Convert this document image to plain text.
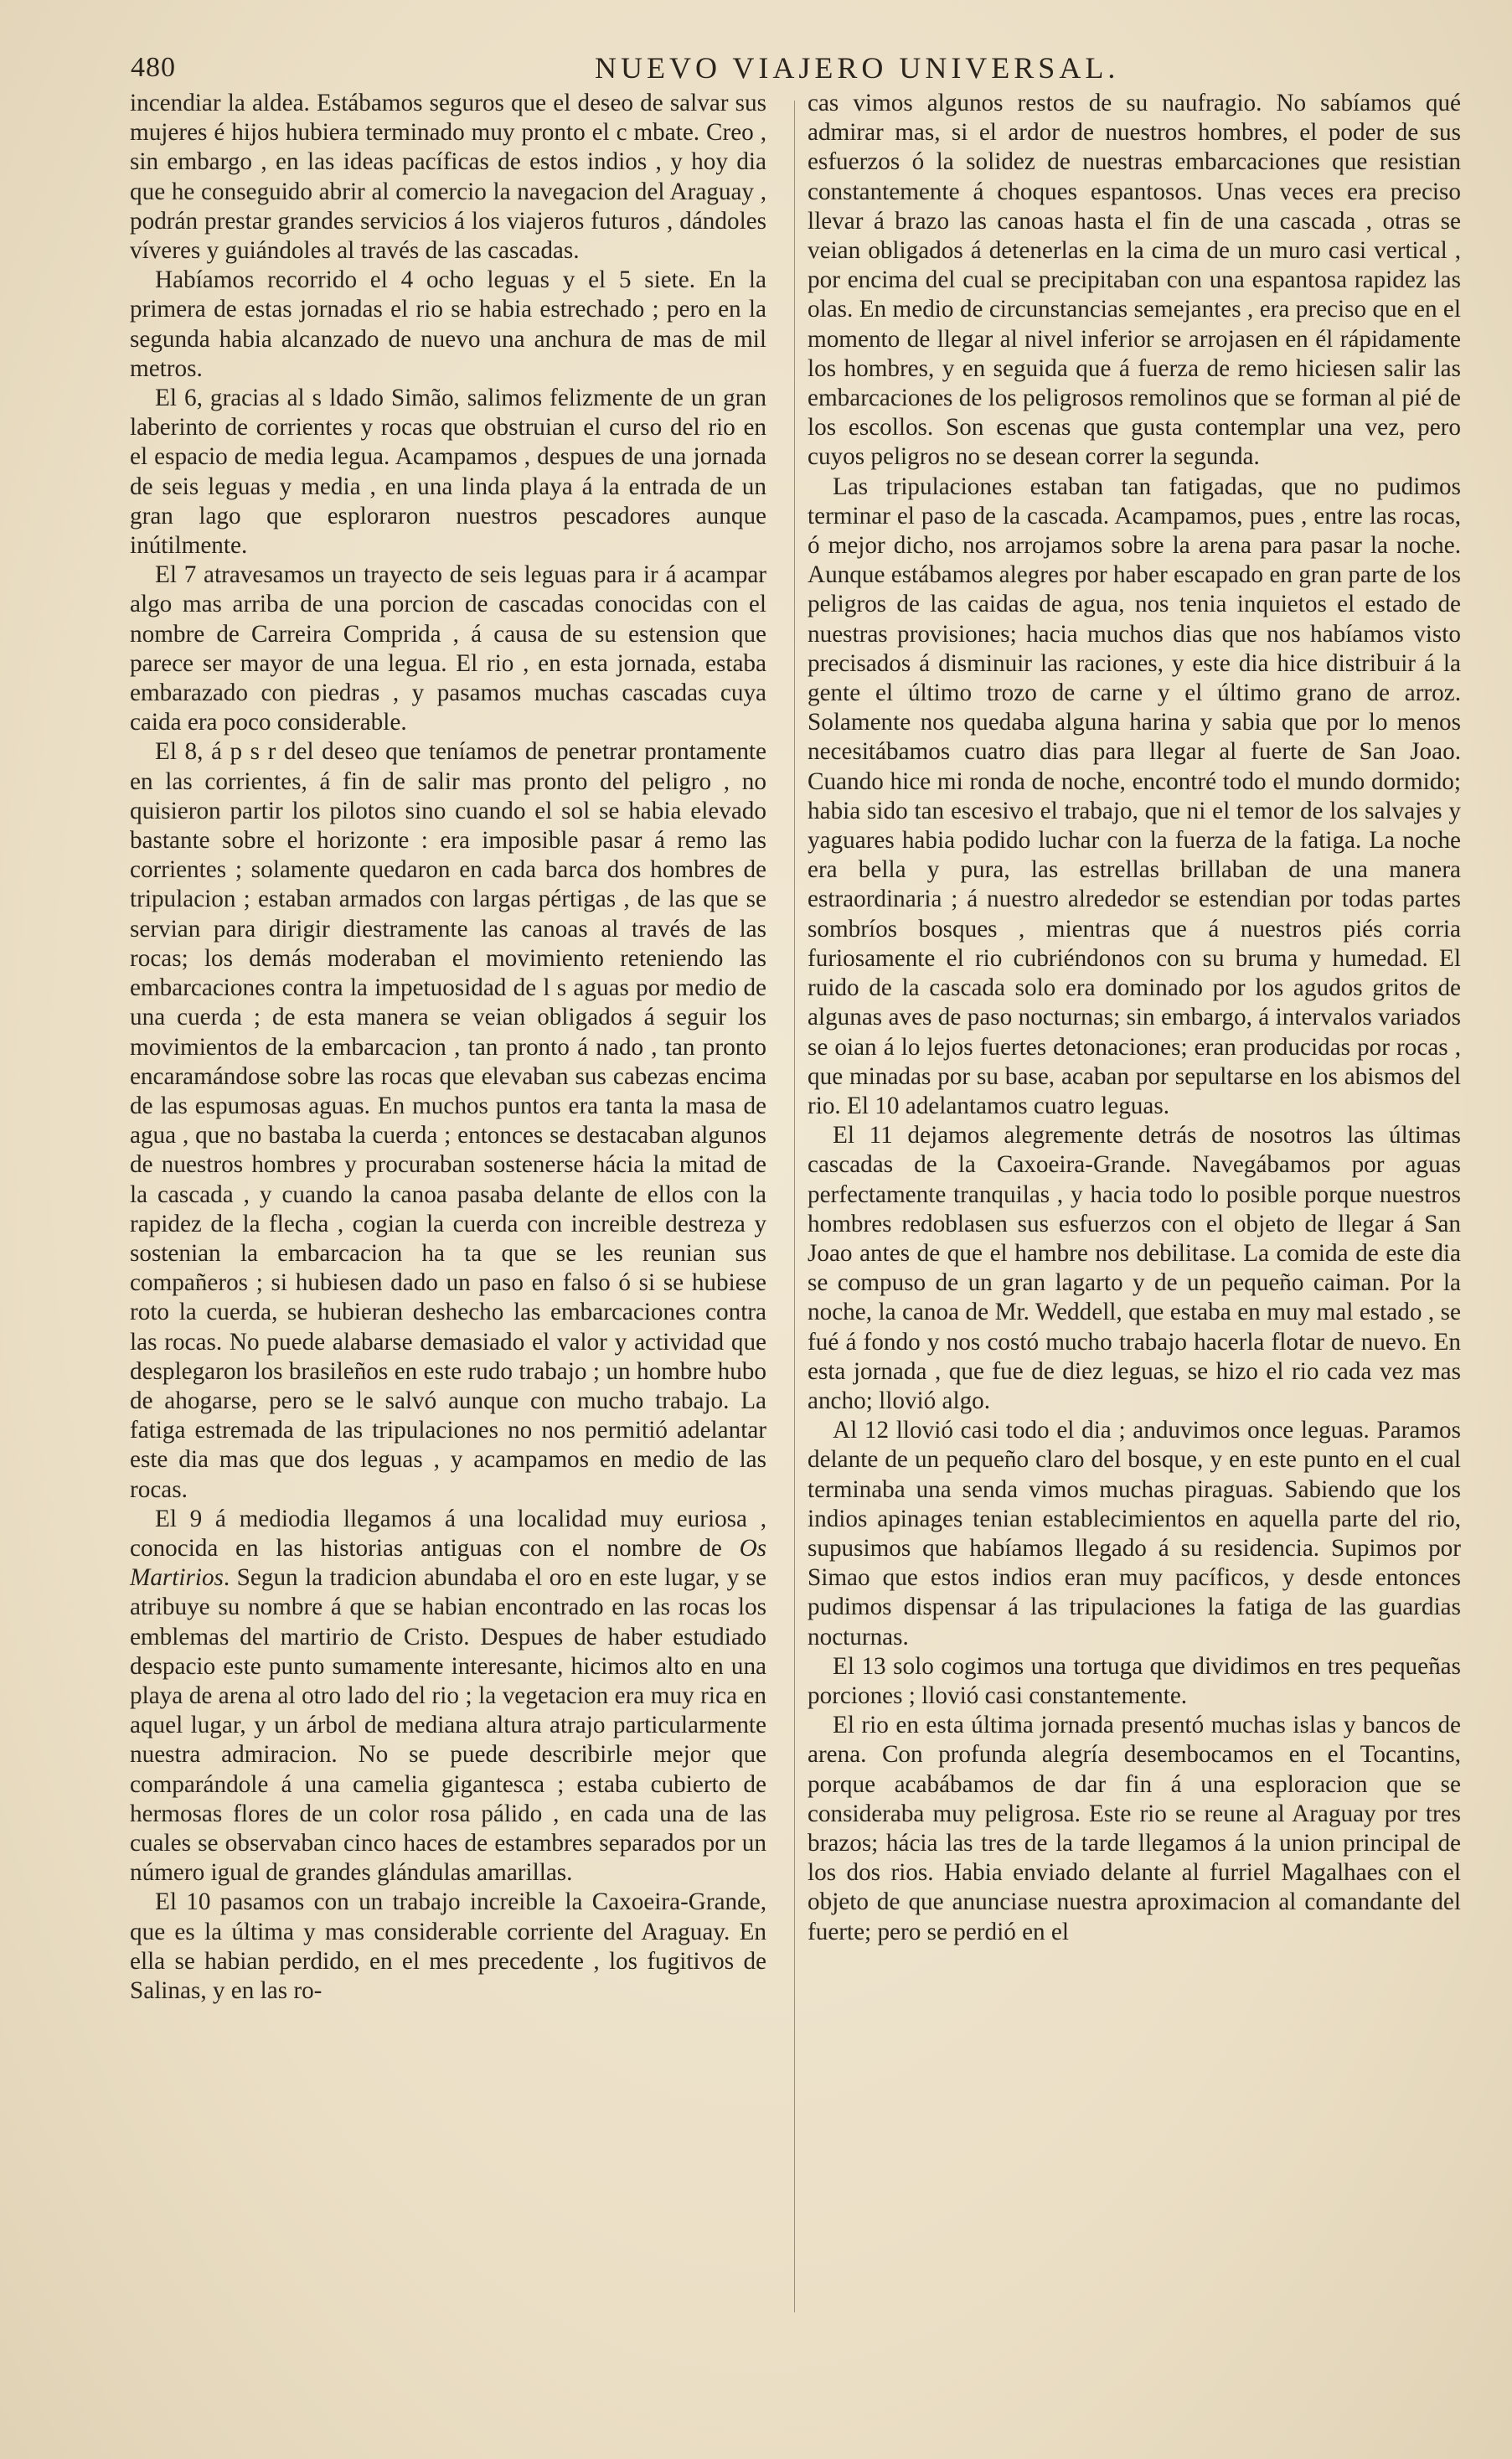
480	NUEVO VIAJERO UNIVERSAL.

incendiar la aldea. Estábamos seguros que el deseo de salvar sus mujeres é hijos hubiera terminado muy pronto el c mbate. Creo , sin embargo , en las ideas pacíficas de estos indios , y hoy dia que he conseguido abrir al comercio la navegacion del Araguay , podrán prestar grandes servicios á los viajeros futuros , dándoles víveres y guiándoles al través de las cascadas.

Habíamos recorrido el 4 ocho leguas y el 5 siete. En la primera de estas jornadas el rio se habia estrechado ; pero en la segunda habia alcanzado de nuevo una anchura de mas de mil metros.

El 6, gracias al s ldado Simão, salimos felizmente de un gran laberinto de corrientes y rocas que obstruian el curso del rio en el espacio de media legua. Acampamos , despues de una jornada de seis leguas y media , en una linda playa á la entrada de un gran lago que esploraron nuestros pescadores aunque inútilmente.

El 7 atravesamos un trayecto de seis leguas para ir á acampar algo mas arriba de una porcion de cascadas conocidas con el nombre de Carreira Comprida , á causa de su estension que parece ser mayor de una legua. El rio , en esta jornada, estaba embarazado con piedras , y pasamos muchas cascadas cuya caida era poco considerable.

El 8, á p s r del deseo que teníamos de penetrar prontamente en las corrientes, á fin de salir mas pronto del peligro , no quisieron partir los pilotos sino cuando el sol se habia elevado bastante sobre el horizonte : era imposible pasar á remo las corrientes ; solamente quedaron en cada barca dos hombres de tripulacion ; estaban armados con largas pértigas , de las que se servian para dirigir diestramente las canoas al través de las rocas; los demás moderaban el movimiento reteniendo las embarcaciones contra la impetuosidad de l s aguas por medio de una cuerda ; de esta manera se veian obligados á seguir los movimientos de la embarcacion , tan pronto á nado , tan pronto encaramándose sobre las rocas que elevaban sus cabezas encima de las espumosas aguas. En muchos puntos era tanta la masa de agua , que no bastaba la cuerda ; entonces se destacaban algunos de nuestros hombres y procuraban sostenerse hácia la mitad de la cascada , y cuando la canoa pasaba delante de ellos con la rapidez de la flecha , cogian la cuerda con increible destreza y sostenian la embarcacion ha ta que se les reunian sus compañeros ; si hubiesen dado un paso en falso ó si se hubiese roto la cuerda, se hubieran deshecho las embarcaciones contra las rocas. No puede alabarse demasiado el valor y actividad que desplegaron los brasileños en este rudo trabajo ; un hombre hubo de ahogarse, pero se le salvó aunque con mucho trabajo. La fatiga estremada de las tripulaciones no nos permitió adelantar este dia mas que dos leguas , y acampamos en medio de las rocas.

El 9 á mediodia llegamos á una localidad muy euriosa , conocida en las historias antiguas con el nombre de Os Martirios. Segun la tradicion abundaba el oro en este lugar, y se atribuye su nombre á que se habian encontrado en las rocas los emblemas del martirio de Cristo. Despues de haber estudiado despacio este punto sumamente interesante, hicimos alto en una playa de arena al otro lado del rio ; la vegetacion era muy rica en aquel lugar, y un árbol de mediana altura atrajo particularmente nuestra admiracion. No se puede describirle mejor que comparándole á una camelia gigantesca ; estaba cubierto de hermosas flores de un color rosa pálido , en cada una de las cuales se observaban cinco haces de estambres separados por un número igual de grandes glándulas amarillas.

El 10 pasamos con un trabajo increible la Caxoeira-Grande, que es la última y mas considerable corriente del Araguay. En ella se habian perdido, en el mes precedente , los fugitivos de Salinas, y en las ro-

cas vimos algunos restos de su naufragio. No sabíamos qué admirar mas, si el ardor de nuestros hombres, el poder de sus esfuerzos ó la solidez de nuestras embarcaciones que resistian constantemente á choques espantosos. Unas veces era preciso llevar á brazo las canoas hasta el fin de una cascada , otras se veian obligados á detenerlas en la cima de un muro casi vertical , por encima del cual se precipitaban con una espantosa rapidez las olas. En medio de circunstancias semejantes , era preciso que en el momento de llegar al nivel inferior se arrojasen en él rápidamente los hombres, y en seguida que á fuerza de remo hiciesen salir las embarcaciones de los peligrosos remolinos que se forman al pié de los escollos. Son escenas que gusta contemplar una vez, pero cuyos peligros no se desean correr la segunda.

Las tripulaciones estaban tan fatigadas, que no pudimos terminar el paso de la cascada. Acampamos, pues , entre las rocas, ó mejor dicho, nos arrojamos sobre la arena para pasar la noche. Aunque estábamos alegres por haber escapado en gran parte de los peligros de las caidas de agua, nos tenia inquietos el estado de nuestras provisiones; hacia muchos dias que nos habíamos visto precisados á disminuir las raciones, y este dia hice distribuir á la gente el último trozo de carne y el último grano de arroz. Solamente nos quedaba alguna harina y sabia que por lo menos necesitábamos cuatro dias para llegar al fuerte de San Joao. Cuando hice mi ronda de noche, encontré todo el mundo dormido; habia sido tan escesivo el trabajo, que ni el temor de los salvajes y yaguares habia podido luchar con la fuerza de la fatiga. La noche era bella y pura, las estrellas brillaban de una manera estraordinaria ; á nuestro alrededor se estendian por todas partes sombríos bosques , mientras que á nuestros piés corria furiosamente el rio cubriéndonos con su bruma y humedad. El ruido de la cascada solo era dominado por los agudos gritos de algunas aves de paso nocturnas; sin embargo, á intervalos variados se oian á lo lejos fuertes detonaciones; eran producidas por rocas , que minadas por su base, acaban por sepultarse en los abismos del rio. El 10 adelantamos cuatro leguas.

El 11 dejamos alegremente detrás de nosotros las últimas cascadas de la Caxoeira-Grande. Navegábamos por aguas perfectamente tranquilas , y hacia todo lo posible porque nuestros hombres redoblasen sus esfuerzos con el objeto de llegar á San Joao antes de que el hambre nos debilitase. La comida de este dia se compuso de un gran lagarto y de un pequeño caiman. Por la noche, la canoa de Mr. Weddell, que estaba en muy mal estado , se fué á fondo y nos costó mucho trabajo hacerla flotar de nuevo. En esta jornada , que fue de diez leguas, se hizo el rio cada vez mas ancho; llovió algo.

Al 12 llovió casi todo el dia ; anduvimos once leguas. Paramos delante de un pequeño claro del bosque, y en este punto en el cual terminaba una senda vimos muchas piraguas. Sabiendo que los indios apinages tenian establecimientos en aquella parte del rio, supusimos que habíamos llegado á su residencia. Supimos por Simao que estos indios eran muy pacíficos, y desde entonces pudimos dispensar á las tripulaciones la fatiga de las guardias nocturnas.

El 13 solo cogimos una tortuga que dividimos en tres pequeñas porciones ; llovió casi constantemente.

El rio en esta última jornada presentó muchas islas y bancos de arena. Con profunda alegría desembocamos en el Tocantins, porque acabábamos de dar fin á una esploracion que se consideraba muy peligrosa. Este rio se reune al Araguay por tres brazos; hácia las tres de la tarde llegamos á la union principal de los dos rios. Habia enviado delante al furriel Magalhaes con el objeto de que anunciase nuestra aproximacion al comandante del fuerte; pero se perdió en el
